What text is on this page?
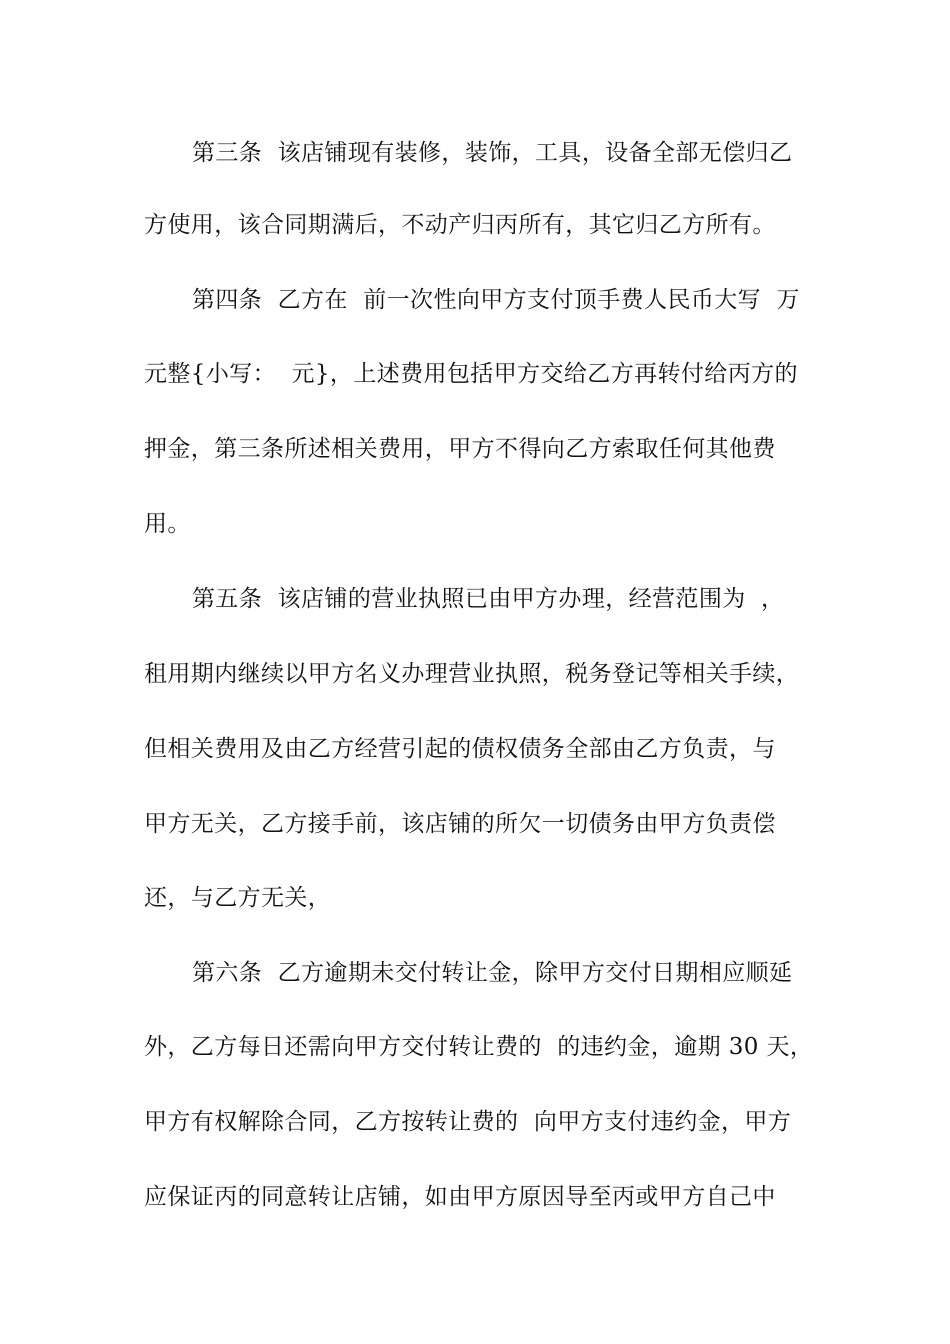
第三条  该店铺现有装修，装饰，工具，设备全部无偿归乙
方使用，该合同期满后，不动产归丙所有，其它归乙方所有。
第四条  乙方在  前一次性向甲方支付顶手费人民币大写  万
元整{小写：  元}，上述费用包括甲方交给乙方再转付给丙方的
押金，第三条所述相关费用，甲方不得向乙方索取任何其他费
用。
第五条  该店铺的营业执照已由甲方办理，经营范围为  ，
租用期内继续以甲方名义办理营业执照，税务登记等相关手续，
但相关费用及由乙方经营引起的债权债务全部由乙方负责，与
甲方无关，乙方接手前，该店铺的所欠一切债务由甲方负责偿
还，与乙方无关，
第六条  乙方逾期未交付转让金，除甲方交付日期相应顺延
外，乙方每日还需向甲方交付转让费的  的违约金，逾期 30 天，
甲方有权解除合同，乙方按转让费的  向甲方支付违约金，甲方
应保证丙的同意转让店铺，如由甲方原因导至丙或甲方自己中
